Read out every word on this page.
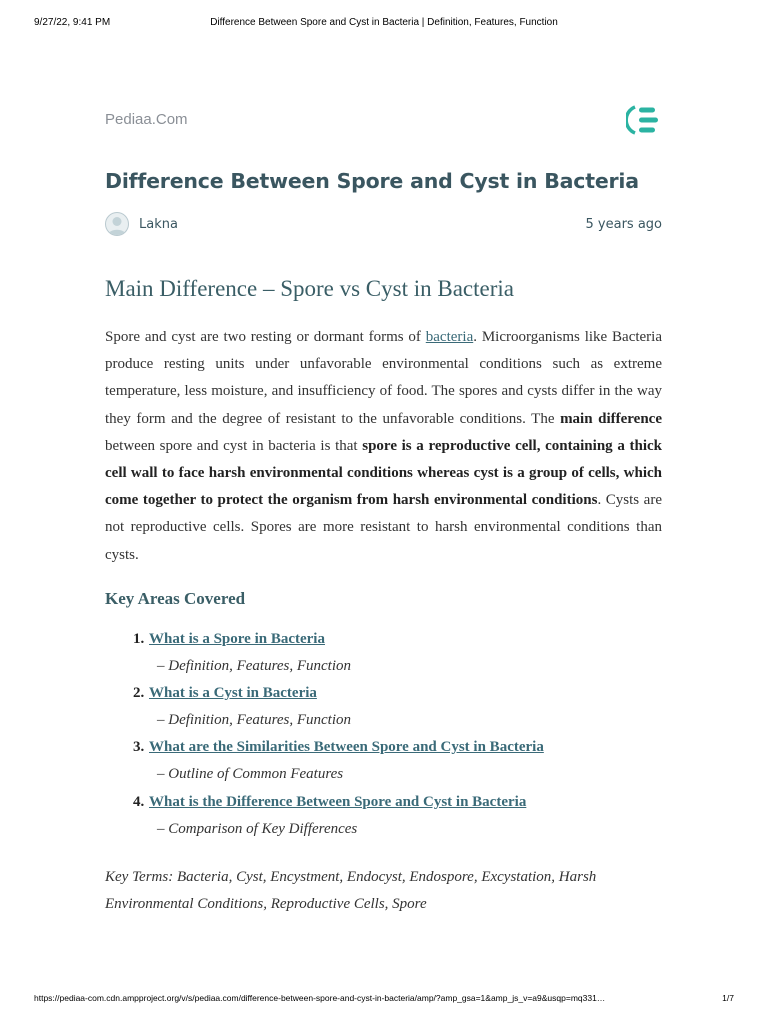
9/27/22, 9:41 PM	Difference Between Spore and Cyst in Bacteria | Definition, Features, Function
Pediaa.Com
Difference Between Spore and Cyst in Bacteria
Lakna	5 years ago
Main Difference – Spore vs Cyst in Bacteria

Spore and cyst are two resting or dormant forms of bacteria. Microorganisms like Bacteria produce resting units under unfavorable environmental conditions such as extreme temperature, less moisture, and insufficiency of food. The spores and cysts differ in the way they form and the degree of resistant to the unfavorable conditions. The main difference between spore and cyst in bacteria is that spore is a reproductive cell, containing a thick cell wall to face harsh environmental conditions whereas cyst is a group of cells, which come together to protect the organism from harsh environmental conditions. Cysts are not reproductive cells. Spores are more resistant to harsh environmental conditions than cysts.

Key Areas Covered
1. What is a Spore in Bacteria
– Definition, Features, Function
2. What is a Cyst in Bacteria
– Definition, Features, Function
3. What are the Similarities Between Spore and Cyst in Bacteria
– Outline of Common Features
4. What is the Difference Between Spore and Cyst in Bacteria
– Comparison of Key Differences

Key Terms: Bacteria, Cyst, Encystment, Endocyst, Endospore, Excystation, Harsh Environmental Conditions, Reproductive Cells, Spore

https://pediaa-com.cdn.ampproject.org/v/s/pediaa.com/difference-between-spore-and-cyst-in-bacteria/amp/?amp_gsa=1&amp_js_v=a9&usqp=mq331…	1/7
